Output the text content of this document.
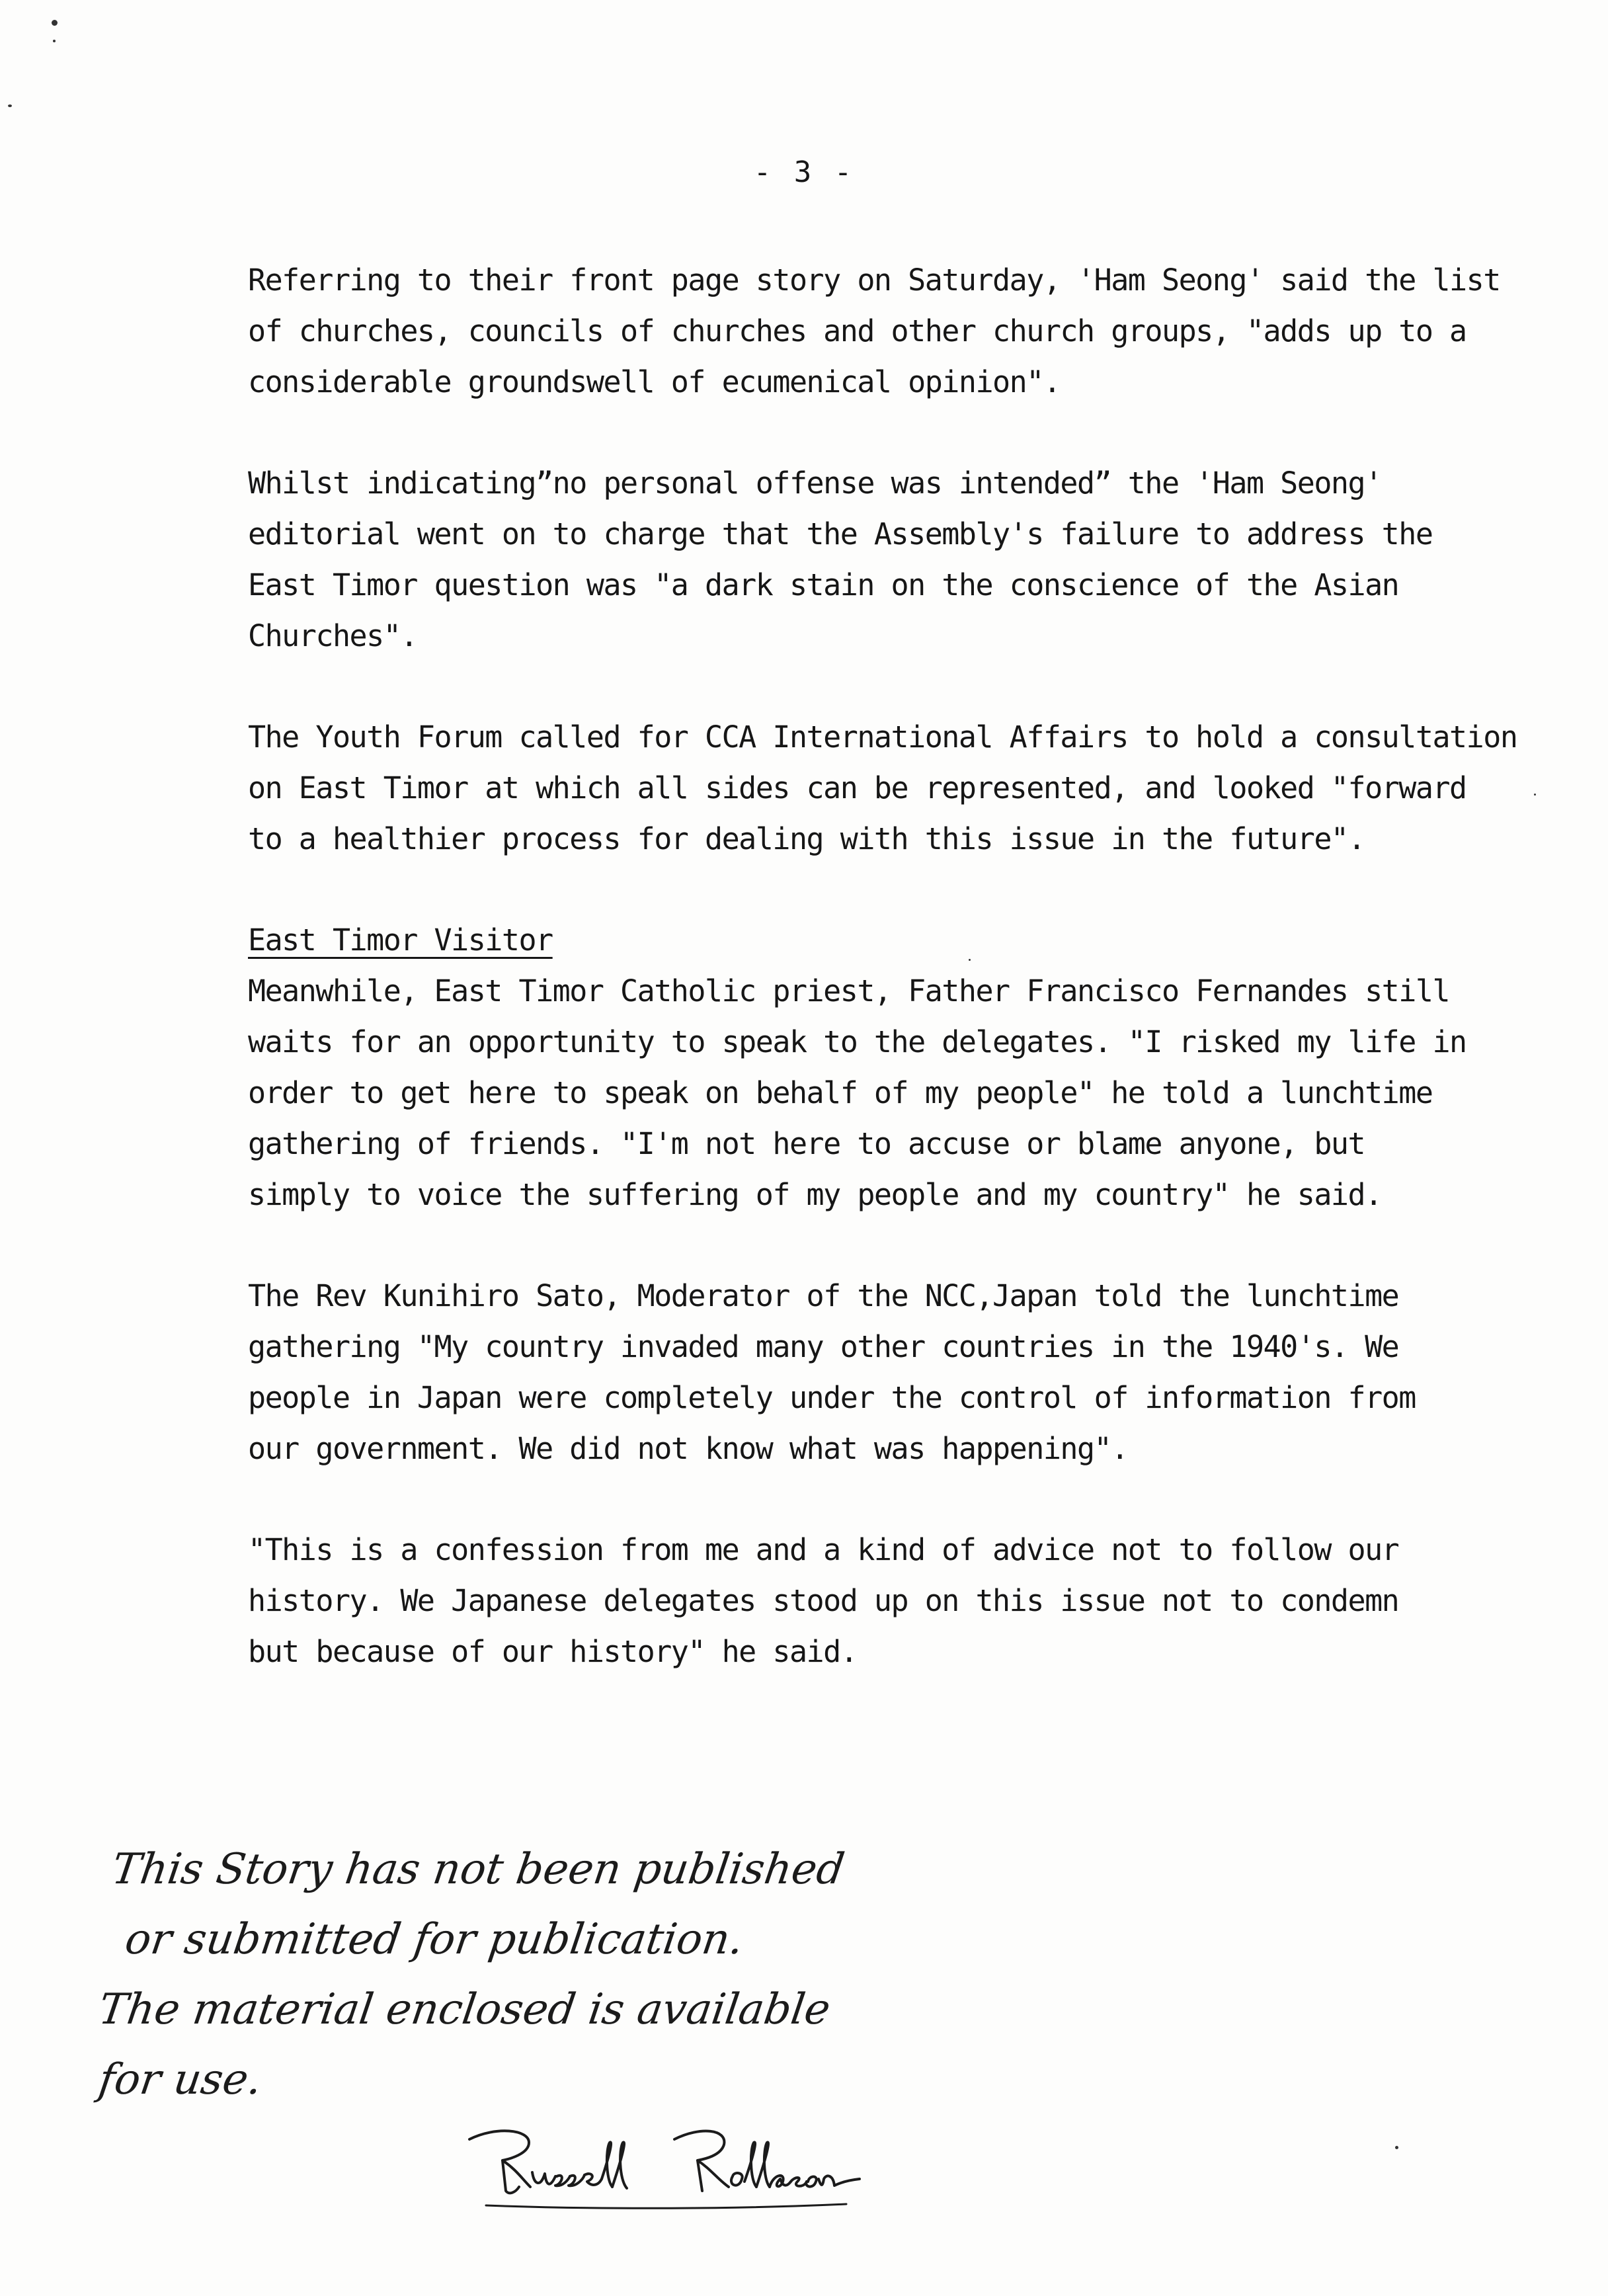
- 3 -
Referring to their front page story on Saturday, 'Ham Seong' said the list
of churches, councils of churches and other church groups, "adds up to a
considerable groundswell of ecumenical opinion".
Whilst indicating”no personal offense was intended” the 'Ham Seong'
editorial went on to charge that the Assembly's failure to address the
East Timor question was "a dark stain on the conscience of the Asian
Churches".
The Youth Forum called for CCA International Affairs to hold a consultation
on East Timor at which all sides can be represented, and looked "forward
to a healthier process for dealing with this issue in the future".
East Timor Visitor
Meanwhile, East Timor Catholic priest, Father Francisco Fernandes still
waits for an opportunity to speak to the delegates. "I risked my life in
order to get here to speak on behalf of my people" he told a lunchtime
gathering of friends. "I'm not here to accuse or blame anyone, but
simply to voice the suffering of my people and my country" he said.
The Rev Kunihiro Sato, Moderator of the NCC,Japan told the lunchtime
gathering "My country invaded many other countries in the 1940's. We
people in Japan were completely under the control of information from
our government. We did not know what was happening".
"This is a confession from me and a kind of advice not to follow our
history. We Japanese delegates stood up on this issue not to condemn
but because of our history" he said.
This Story has not been published
or submitted for publication.
The material enclosed is available
for use.
